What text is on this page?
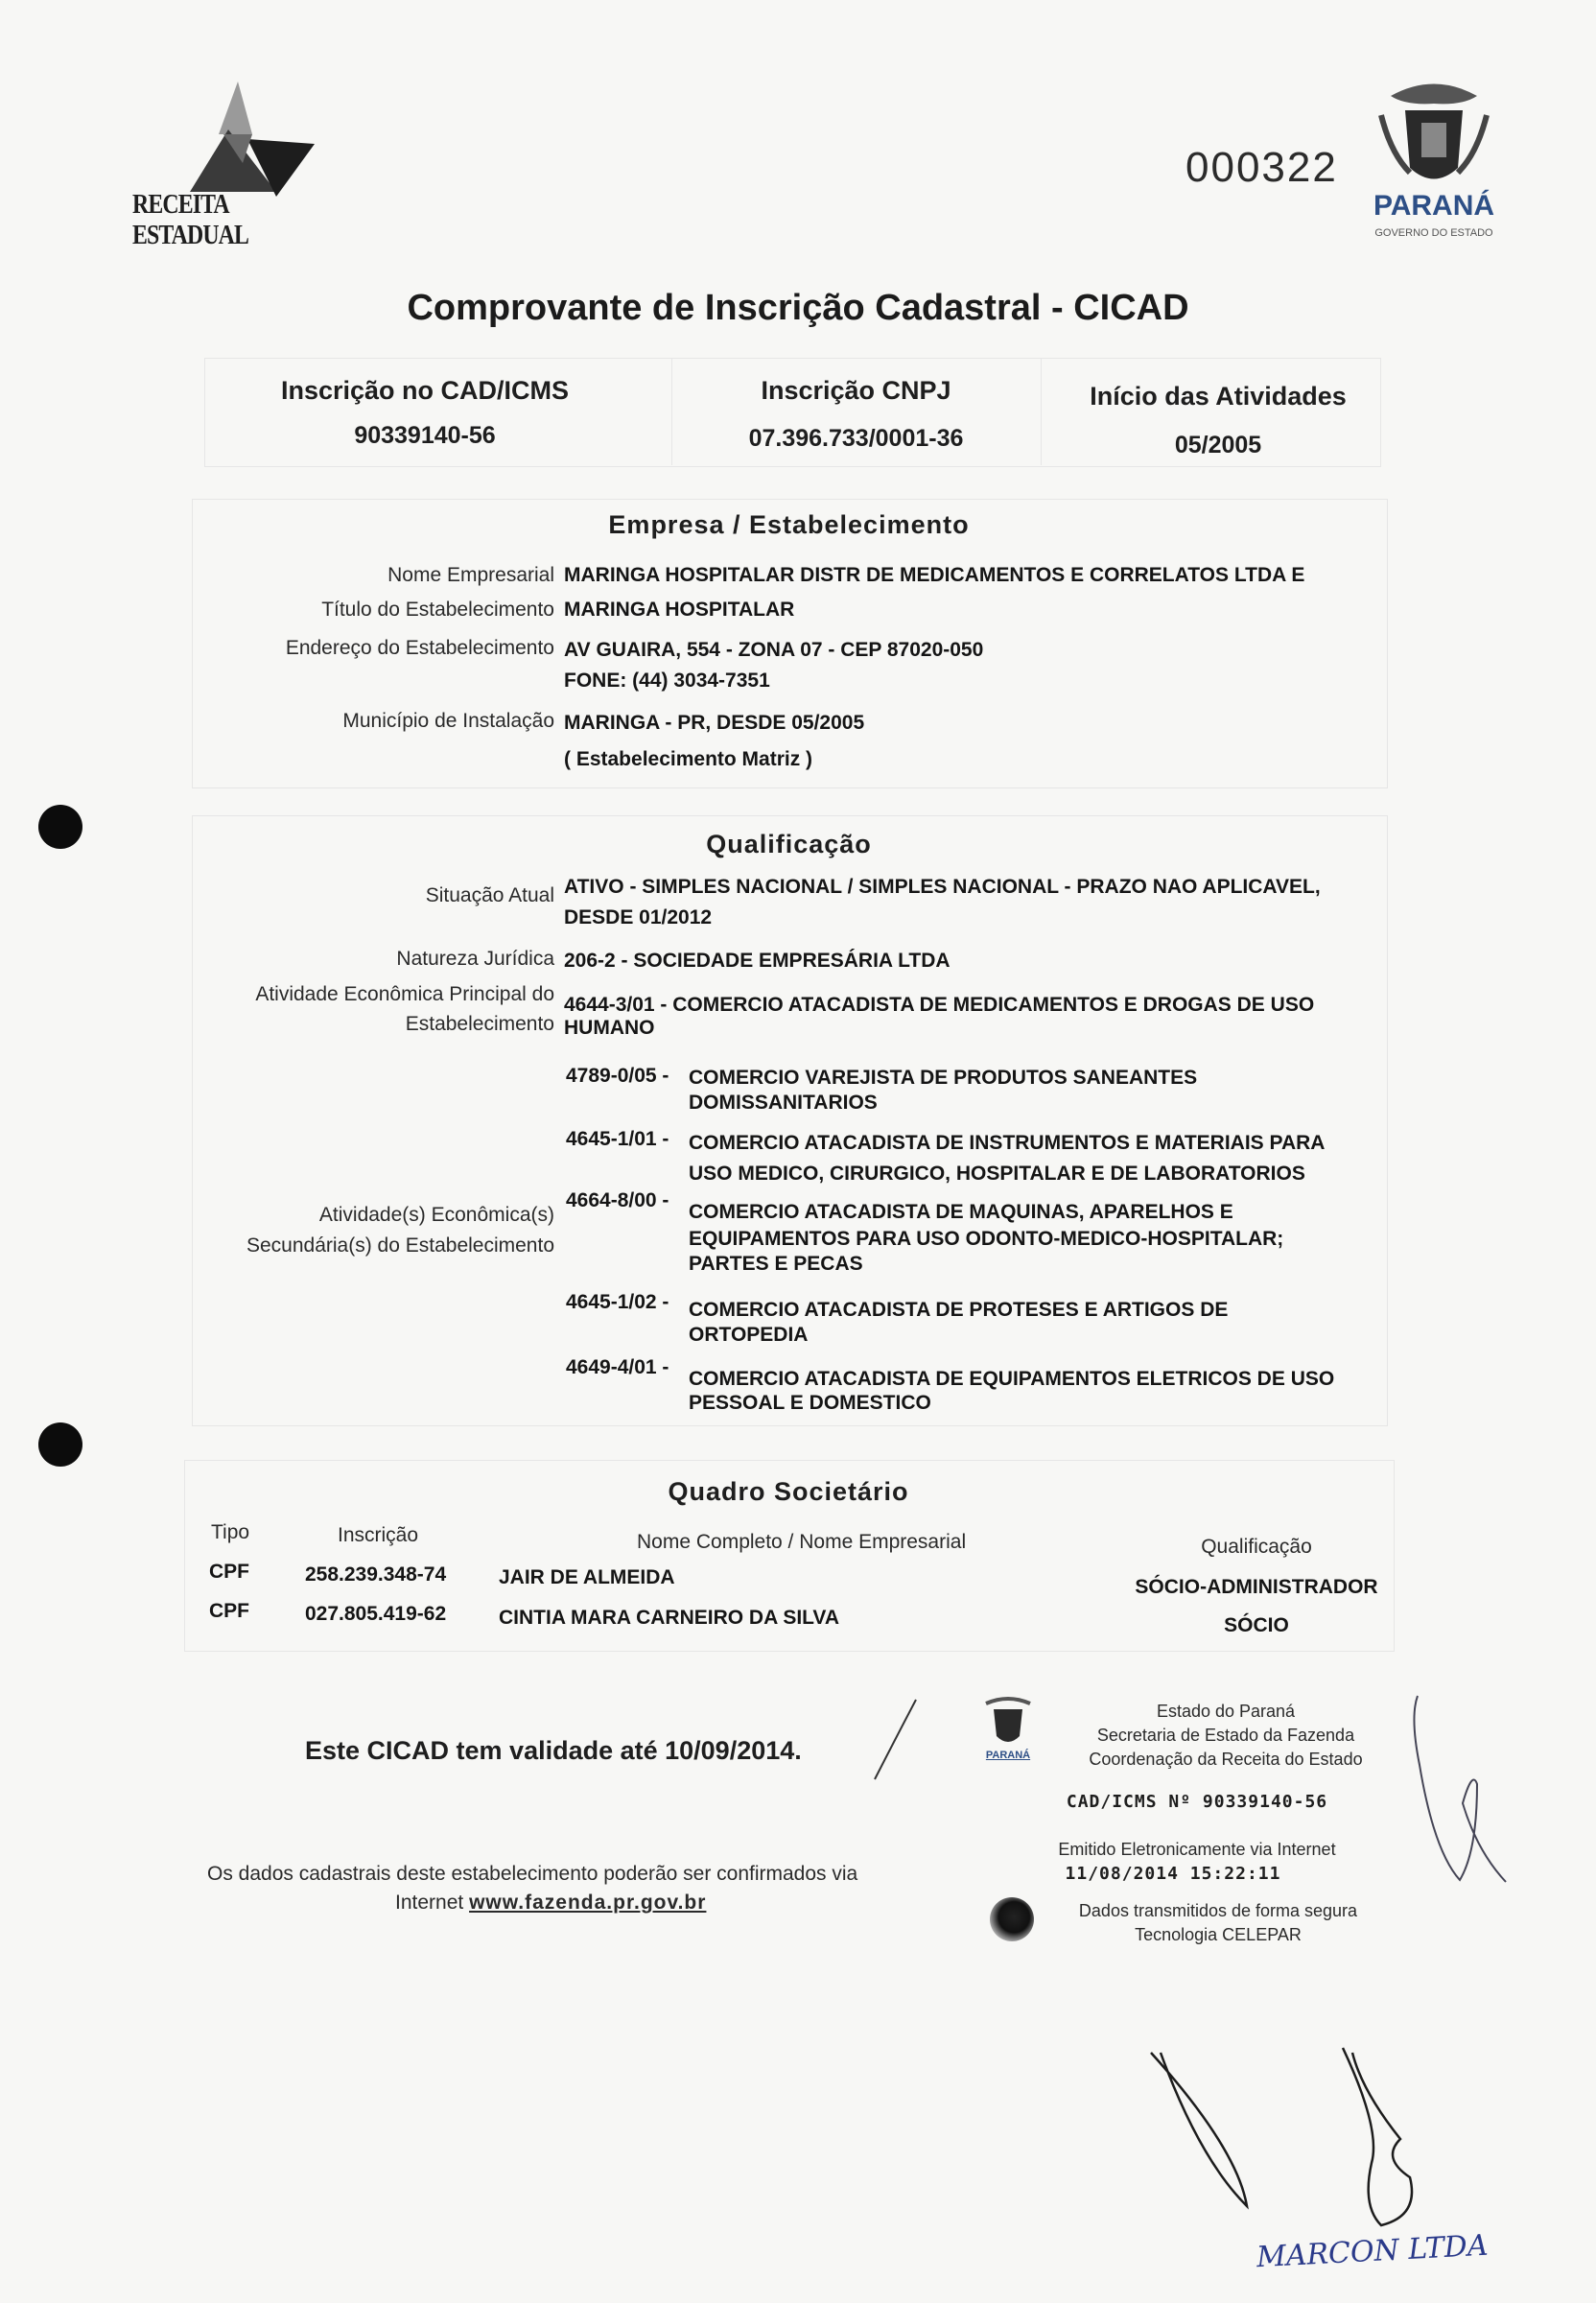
RECEITA ESTADUAL
000322
PARANÁ
GOVERNO DO ESTADO
Comprovante de Inscrição Cadastral - CICAD
Inscrição no CAD/ICMS
90339140-56
Inscrição CNPJ
07.396.733/0001-36
Início das Atividades
05/2005
Empresa / Estabelecimento
Nome Empresarial MARINGA HOSPITALAR DISTR DE MEDICAMENTOS E CORRELATOS LTDA E
Título do Estabelecimento MARINGA HOSPITALAR
Endereço do Estabelecimento AV GUAIRA, 554 - ZONA 07 - CEP 87020-050
FONE: (44) 3034-7351
Município de Instalação MARINGA - PR, DESDE 05/2005
( Estabelecimento Matriz )
Qualificação
Situação Atual ATIVO - SIMPLES NACIONAL / SIMPLES NACIONAL - PRAZO NAO APLICAVEL,
DESDE 01/2012
Natureza Jurídica 206-2 - SOCIEDADE EMPRESÁRIA LTDA
Atividade Econômica Principal do
Estabelecimento
4644-3/01 - COMERCIO ATACADISTA DE MEDICAMENTOS E DROGAS DE USO
HUMANO
Atividade(s) Econômica(s)
Secundária(s) do Estabelecimento
4789-0/05 - COMERCIO VAREJISTA DE PRODUTOS SANEANTES
DOMISSANITARIOS
4645-1/01 - COMERCIO ATACADISTA DE INSTRUMENTOS E MATERIAIS PARA
USO MEDICO, CIRURGICO, HOSPITALAR E DE LABORATORIOS
4664-8/00 -
COMERCIO ATACADISTA DE MAQUINAS, APARELHOS E
EQUIPAMENTOS PARA USO ODONTO-MEDICO-HOSPITALAR;
PARTES E PECAS
4645-1/02 - COMERCIO ATACADISTA DE PROTESES E ARTIGOS DE
ORTOPEDIA
4649-4/01 -
COMERCIO ATACADISTA DE EQUIPAMENTOS ELETRICOS DE USO
PESSOAL E DOMESTICO
Quadro Societário
Tipo	Inscrição	Nome Completo / Nome Empresarial	Qualificação
CPF	258.239.348-74	JAIR DE ALMEIDA	SÓCIO-ADMINISTRADOR
CPF	027.805.419-62	CINTIA MARA CARNEIRO DA SILVA	SÓCIO
Este CICAD tem validade até 10/09/2014.
Os dados cadastrais deste estabelecimento poderão ser confirmados via
Internet www.fazenda.pr.gov.br
PARANÁ
Estado do Paraná
Secretaria de Estado da Fazenda
Coordenação da Receita do Estado
CAD/ICMS Nº 90339140-56
Emitido Eletronicamente via Internet
11/08/2014 15:22:11
Dados transmitidos de forma segura
Tecnologia CELEPAR
MARCON LTDA
